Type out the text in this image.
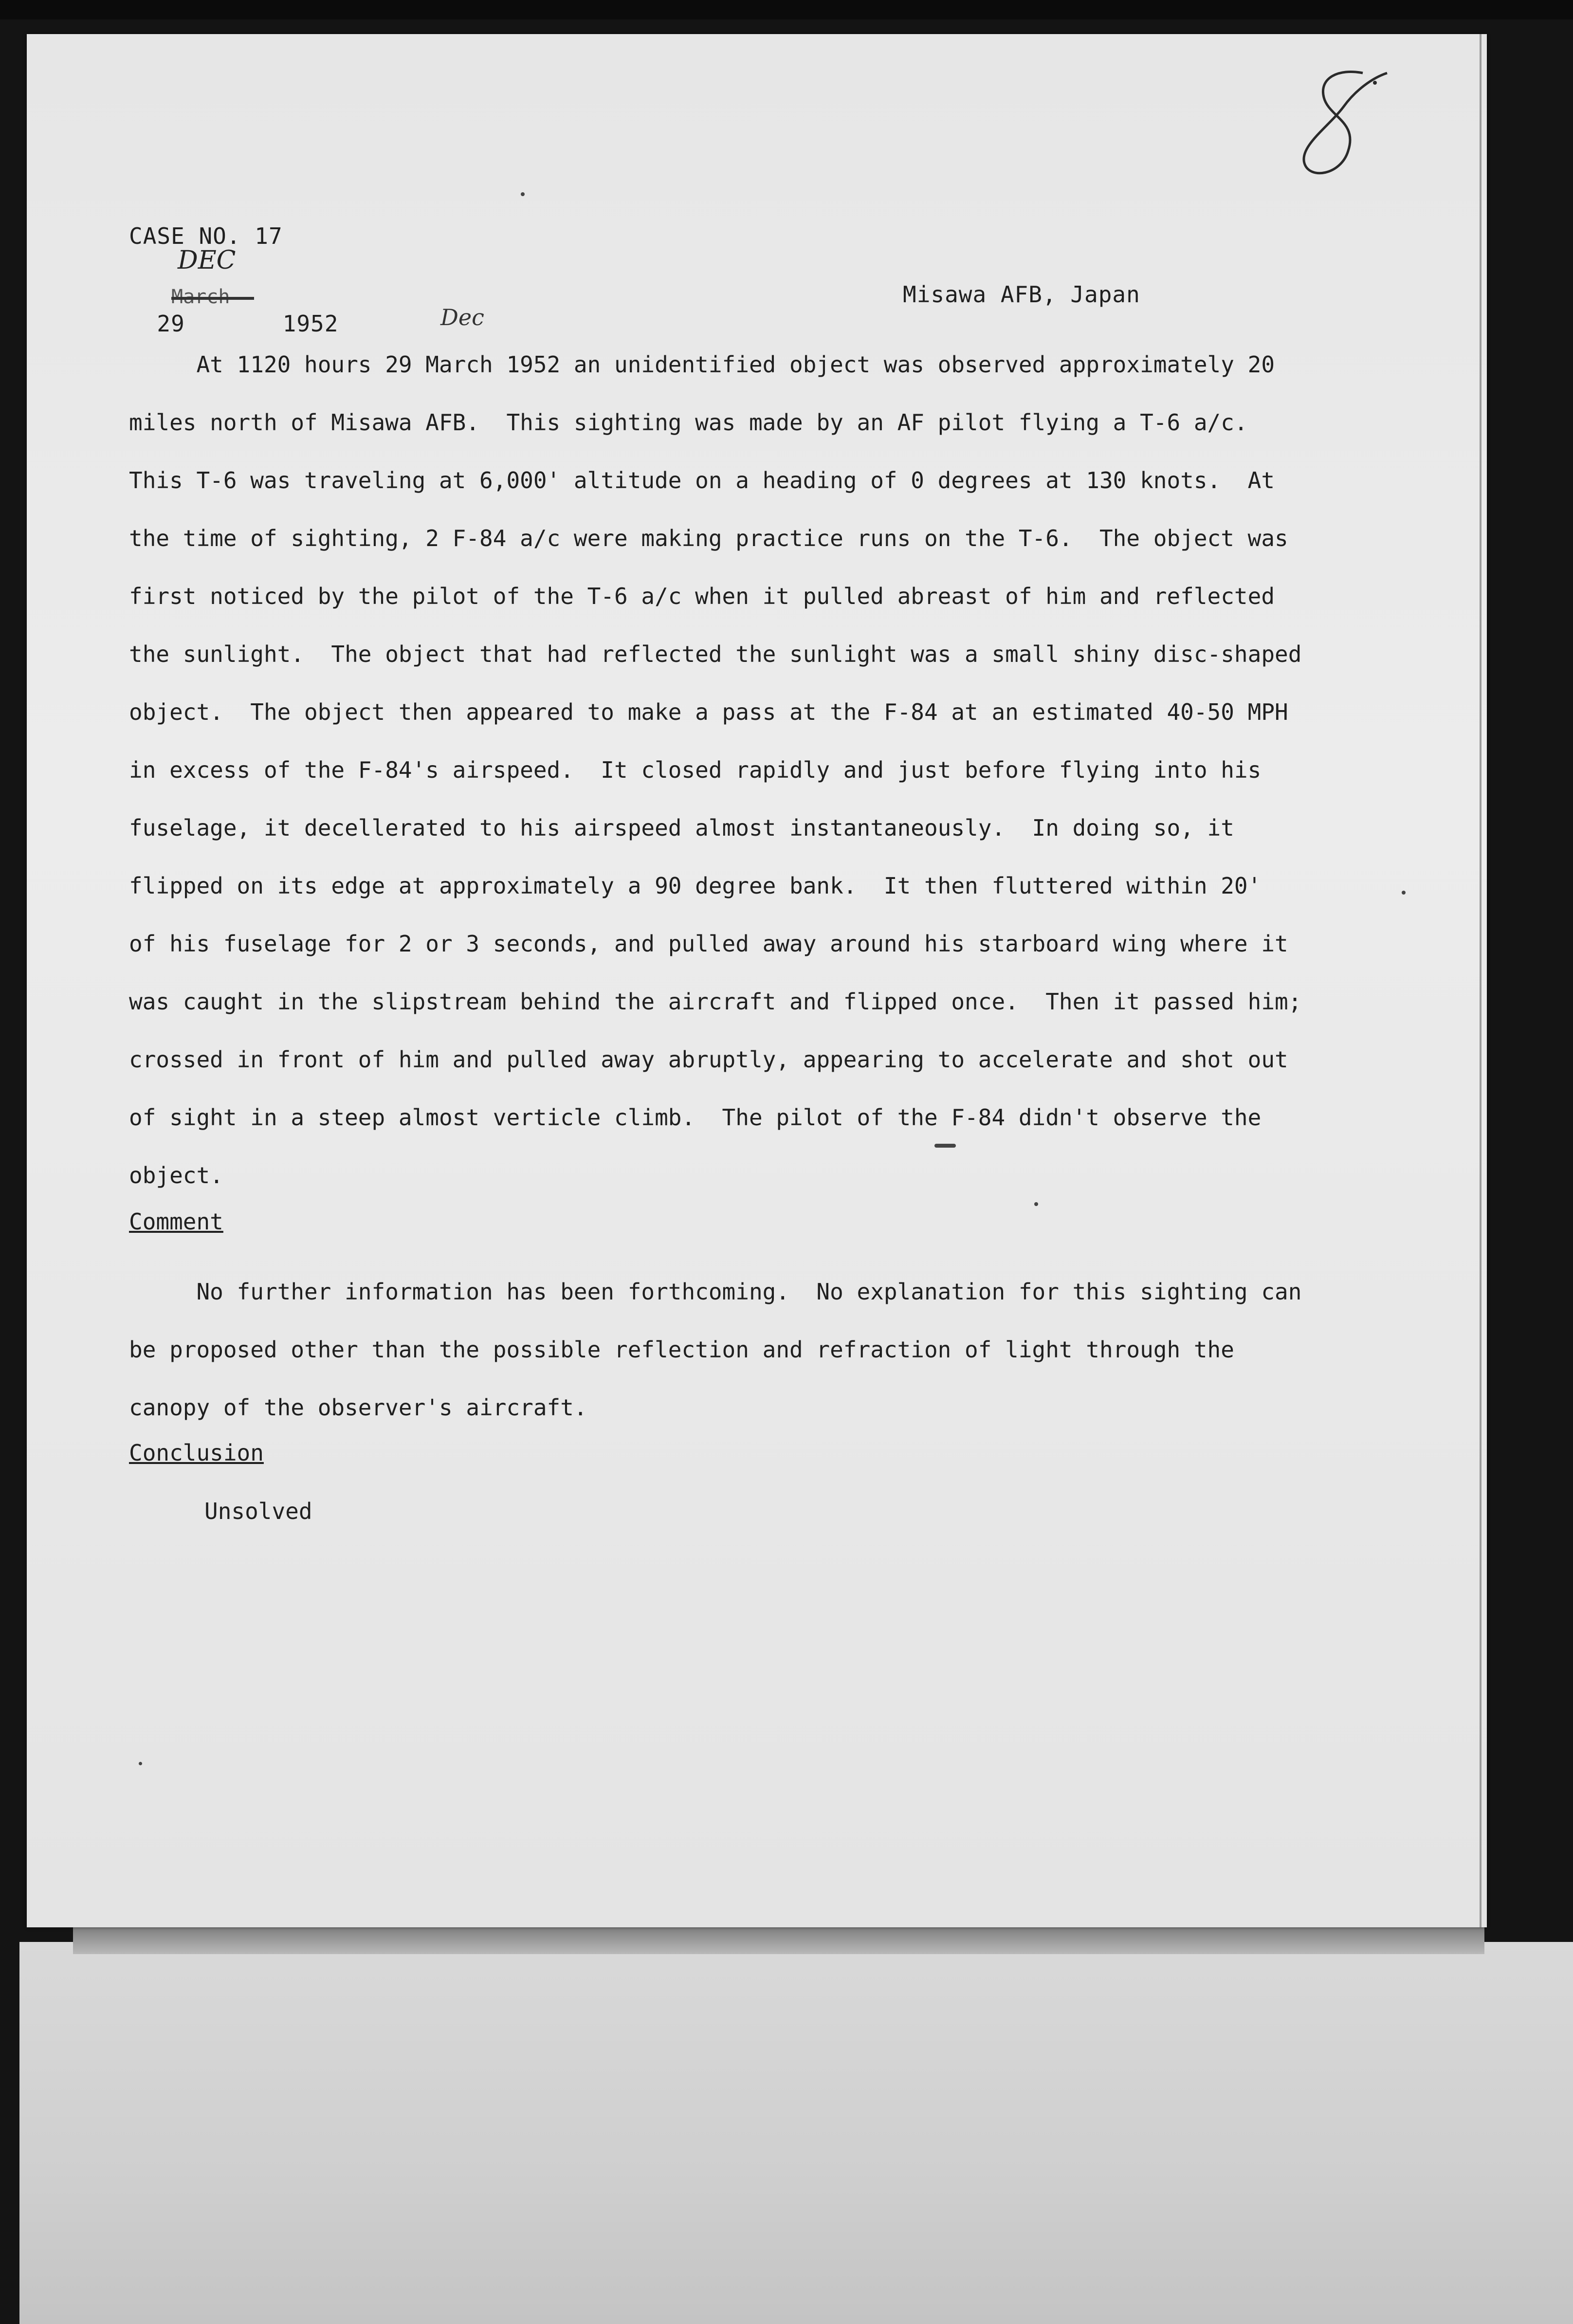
CASE NO. 17

29	1952

DEC
Misawa AFB, Japan
Dec
At 1120 hours 29 March 1952 an unidentified object was observed approximately 20
miles north of Misawa AFB.  This sighting was made by an AF pilot flying a T-6 a/c.
This T-6 was traveling at 6,000' altitude on a heading of 0 degrees at 130 knots.  At
the time of sighting, 2 F-84 a/c were making practice runs on the T-6.  The object was
first noticed by the pilot of the T-6 a/c when it pulled abreast of him and reflected
the sunlight.  The object that had reflected the sunlight was a small shiny disc-shaped
object.  The object then appeared to make a pass at the F-84 at an estimated 40-50 MPH
in excess of the F-84's airspeed.  It closed rapidly and just before flying into his
fuselage, it decellerated to his airspeed almost instantaneously.  In doing so, it
flipped on its edge at approximately a 90 degree bank.  It then fluttered within 20'
of his fuselage for 2 or 3 seconds, and pulled away around his starboard wing where it
was caught in the slipstream behind the aircraft and flipped once.  Then it passed him;
crossed in front of him and pulled away abruptly, appearing to accelerate and shot out
of sight in a steep almost verticle climb.  The pilot of the F-84 didn't observe the
object.
Comment
No further information has been forthcoming.  No explanation for this sighting can
be proposed other than the possible reflection and refraction of light through the
canopy of the observer's aircraft.
Conclusion
Unsolved
